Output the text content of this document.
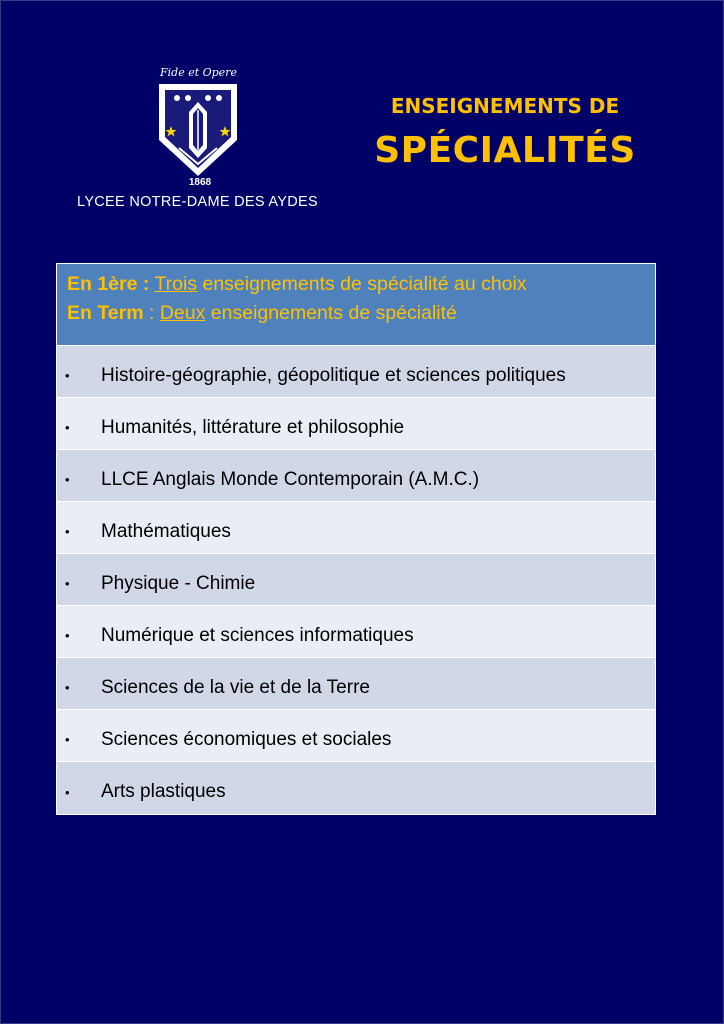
Fide et Opere
1868
LYCEE NOTRE-DAME DES AYDES
ENSEIGNEMENTS DE
SPÉCIALITÉS
En 1ère : Trois enseignements de spécialité au choix
En Term : Deux enseignements de spécialité
•	Histoire-géographie, géopolitique et sciences politiques
•	Humanités, littérature et philosophie
•	LLCE Anglais Monde Contemporain (A.M.C.)
•	Mathématiques
•	Physique - Chimie
•	Numérique et sciences informatiques
•	Sciences de la vie et de la Terre
•	Sciences économiques et sociales
•	Arts plastiques
